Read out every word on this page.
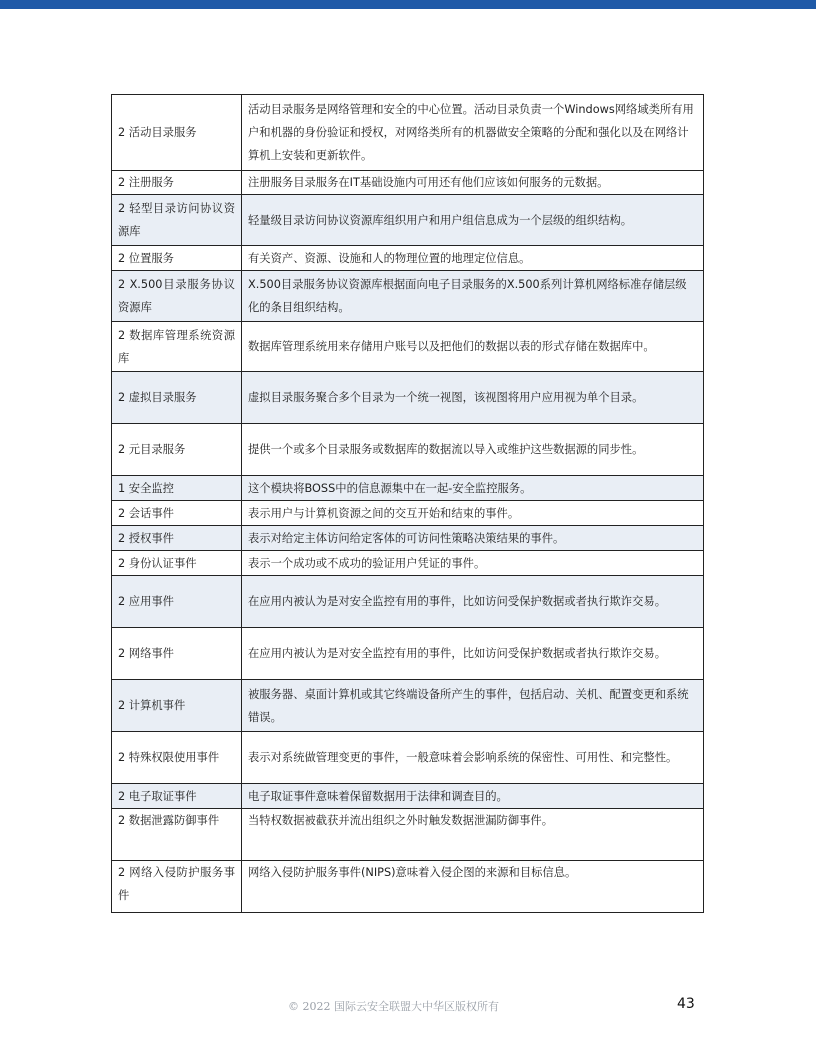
2 活动目录服务	活动目录服务是网络管理和安全的中心位置。活动目录负责一个Windows网络域类所有用户和机器的身份验证和授权，对网络类所有的机器做安全策略的分配和强化以及在网络计算机上安装和更新软件。
2 注册服务	注册服务目录服务在IT基础设施内可用还有他们应该如何服务的元数据。
2 轻型目录访问协议资源库	轻量级目录访问协议资源库组织用户和用户组信息成为一个层级的组织结构。
2 位置服务	有关资产、资源、设施和人的物理位置的地理定位信息。
2 X.500目录服务协议资源库	X.500目录服务协议资源库根据面向电子目录服务的X.500系列计算机网络标准存储层级化的条目组织结构。
2 数据库管理系统资源库	数据库管理系统用来存储用户账号以及把他们的数据以表的形式存储在数据库中。
2 虚拟目录服务	虚拟目录服务聚合多个目录为一个统一视图，该视图将用户应用视为单个目录。
2 元目录服务	提供一个或多个目录服务或数据库的数据流以导入或维护这些数据源的同步性。
1 安全监控	这个模块将BOSS中的信息源集中在一起-安全监控服务。
2 会话事件	表示用户与计算机资源之间的交互开始和结束的事件。
2 授权事件	表示对给定主体访问给定客体的可访问性策略决策结果的事件。
2 身份认证事件	表示一个成功或不成功的验证用户凭证的事件。
2 应用事件	在应用内被认为是对安全监控有用的事件，比如访问受保护数据或者执行欺诈交易。
2 网络事件	在应用内被认为是对安全监控有用的事件，比如访问受保护数据或者执行欺诈交易。
2 计算机事件	被服务器、桌面计算机或其它终端设备所产生的事件，包括启动、关机、配置变更和系统错误。
2 特殊权限使用事件	表示对系统做管理变更的事件，一般意味着会影响系统的保密性、可用性、和完整性。
2 电子取证事件	电子取证事件意味着保留数据用于法律和调查目的。
2 数据泄露防御事件	当特权数据被截获并流出组织之外时触发数据泄漏防御事件。
2 网络入侵防护服务事件	网络入侵防护服务事件(NIPS)意味着入侵企图的来源和目标信息。
© 2022 国际云安全联盟大中华区版权所有	43
